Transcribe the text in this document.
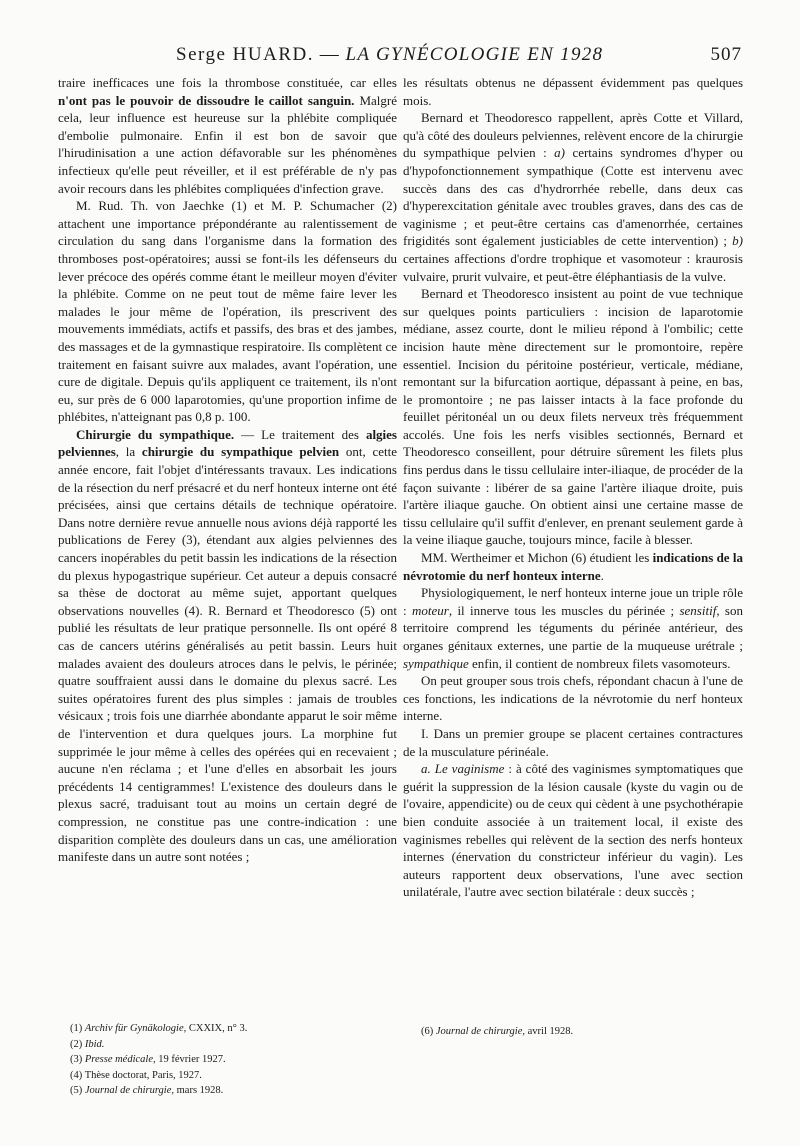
Serge HUARD. — LA GYNÉCOLOGIE EN 1928	507

traire inefficaces une fois la thrombose constituée, car elles n'ont pas le pouvoir de dissoudre le caillot sanguin. Malgré cela, leur influence est heureuse sur la phlébite compliquée d'embolie pulmonaire. Enfin il est bon de savoir que l'hirudinisation a une action défavorable sur les phénomènes infectieux qu'elle peut réveiller, et il est préférable de n'y pas avoir recours dans les phlébites compliquées d'infection grave.

M. Rud. Th. von Jaechke (1) et M. P. Schumacher (2) attachent une importance prépondérante au ralentissement de circulation du sang dans l'organisme dans la formation des thromboses post-opératoires; aussi se font-ils les défenseurs du lever précoce des opérés comme étant le meilleur moyen d'éviter la phlébite. Comme on ne peut tout de même faire lever les malades le jour même de l'opération, ils prescrivent des mouvements immédiats, actifs et passifs, des bras et des jambes, des massages et de la gymnastique respiratoire. Ils complètent ce traitement en faisant suivre aux malades, avant l'opération, une cure de digitale. Depuis qu'ils appliquent ce traitement, ils n'ont eu, sur près de 6 000 laparotomies, qu'une proportion infime de phlébites, n'atteignant pas 0,8 p. 100.

Chirurgie du sympathique. — Le traitement des algies pelviennes, la chirurgie du sympathique pelvien ont, cette année encore, fait l'objet d'intéressants travaux. Les indications de la résection du nerf présacré et du nerf honteux interne ont été précisées, ainsi que certains détails de technique opératoire. Dans notre dernière revue annuelle nous avions déjà rapporté les publications de Ferey (3), étendant aux algies pelviennes des cancers inopérables du petit bassin les indications de la résection du plexus hypogastrique supérieur. Cet auteur a depuis consacré sa thèse de doctorat au même sujet, apportant quelques observations nouvelles (4). R. Bernard et Theodoresco (5) ont publié les résultats de leur pratique personnelle. Ils ont opéré 8 cas de cancers utérins généralisés au petit bassin. Leurs huit malades avaient des douleurs atroces dans le pelvis, le périnée; quatre souffraient aussi dans le domaine du plexus sacré. Les suites opératoires furent des plus simples : jamais de troubles vésicaux ; trois fois une diarrhée abondante apparut le soir même de l'intervention et dura quelques jours. La morphine fut supprimée le jour même à celles des opérées qui en recevaient ; aucune n'en réclama ; et l'une d'elles en absorbait les jours précédents 14 centigrammes! L'existence des douleurs dans le plexus sacré, traduisant tout au moins un certain degré de compression, ne constitue pas une contre-indication : une disparition complète des douleurs dans un cas, une amélioration manifeste dans un autre sont notées ;

les résultats obtenus ne dépassent évidemment pas quelques mois.

Bernard et Theodoresco rappellent, après Cotte et Villard, qu'à côté des douleurs pelviennes, relèvent encore de la chirurgie du sympathique pelvien : a) certains syndromes d'hyper ou d'hypofonctionnement sympathique (Cotte est intervenu avec succès dans des cas d'hydrorrhée rebelle, dans deux cas d'hyperexcitation génitale avec troubles graves, dans des cas de vaginisme ; et peut-être certains cas d'amenorrhée, certaines frigidités sont également justiciables de cette intervention) ; b) certaines affections d'ordre trophique et vasomoteur : kraurosis vulvaire, prurit vulvaire, et peut-être éléphantiasis de la vulve.

Bernard et Theodoresco insistent au point de vue technique sur quelques points particuliers : incision de laparotomie médiane, assez courte, dont le milieu répond à l'ombilic; cette incision haute mène directement sur le promontoire, repère essentiel. Incision du péritoine postérieur, verticale, médiane, remontant sur la bifurcation aortique, dépassant à peine, en bas, le promontoire ; ne pas laisser intacts à la face profonde du feuillet péritonéal un ou deux filets nerveux très fréquemment accolés. Une fois les nerfs visibles sectionnés, Bernard et Theodoresco conseillent, pour détruire sûrement les filets plus fins perdus dans le tissu cellulaire inter-iliaque, de procéder de la façon suivante : libérer de sa gaine l'artère iliaque droite, puis l'artère iliaque gauche. On obtient ainsi une certaine masse de tissu cellulaire qu'il suffit d'enlever, en prenant seulement garde à la veine iliaque gauche, toujours mince, facile à blesser.

MM. Wertheimer et Michon (6) étudient les indications de la névrotomie du nerf honteux interne.

Physiologiquement, le nerf honteux interne joue un triple rôle : moteur, il innerve tous les muscles du périnée ; sensitif, son territoire comprend les téguments du périnée antérieur, des organes génitaux externes, une partie de la muqueuse urétrale ; sympathique enfin, il contient de nombreux filets vasomoteurs.

On peut grouper sous trois chefs, répondant chacun à l'une de ces fonctions, les indications de la névrotomie du nerf honteux interne.

I. Dans un premier groupe se placent certaines contractures de la musculature périnéale.

a. Le vaginisme : à côté des vaginismes symptomatiques que guérit la suppression de la lésion causale (kyste du vagin ou de l'ovaire, appendicite) ou de ceux qui cèdent à une psychothérapie bien conduite associée à un traitement local, il existe des vaginismes rebelles qui relèvent de la section des nerfs honteux internes (énervation du constricteur inférieur du vagin). Les auteurs rapportent deux observations, l'une avec section unilatérale, l'autre avec section bilatérale : deux succès ;

(1) Archiv für Gynäkologie, CXXIX, n° 3.

(2) Ibid.

(3) Presse médicale, 19 février 1927.

(4) Thèse doctorat, Paris, 1927.

(5) Journal de chirurgie, mars 1928.

(6) Journal de chirurgie, avril 1928.
